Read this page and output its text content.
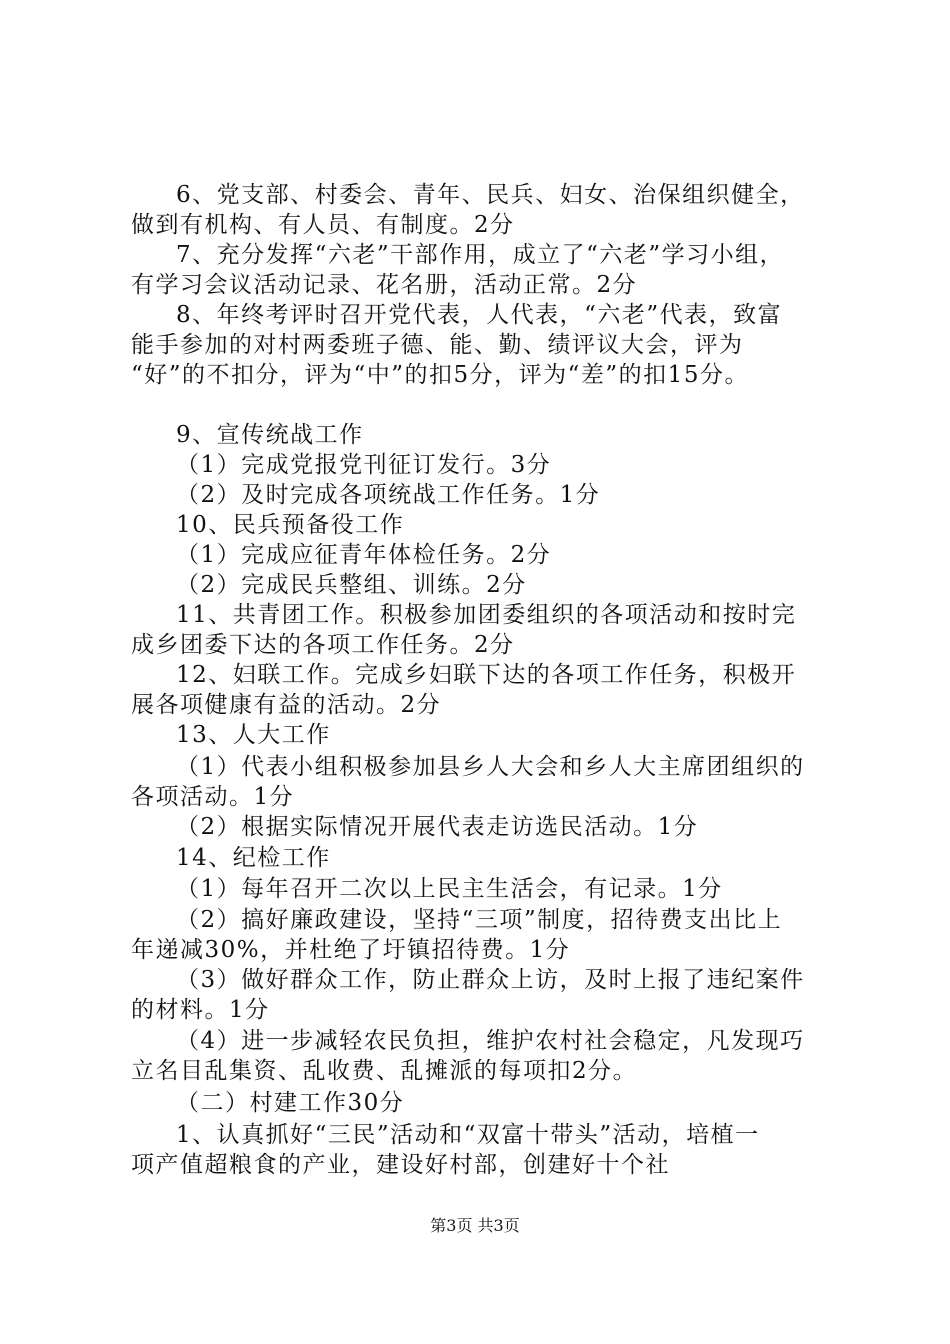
6、党支部、村委会、青年、民兵、妇女、治保组织健全，
做到有机构、有人员、有制度。2分
7、充分发挥“六老”干部作用，成立了“六老”学习小组，
有学习会议活动记录、花名册，活动正常。2分
8、年终考评时召开党代表，人代表，“六老”代表，致富
能手参加的对村两委班子德、能、勤、绩评议大会，评为
“好”的不扣分，评为“中”的扣5分，评为“差”的扣15分。
9、宣传统战工作
（1）完成党报党刊征订发行。3分
（2）及时完成各项统战工作任务。1分
10、民兵预备役工作
（1）完成应征青年体检任务。2分
（2）完成民兵整组、训练。2分
11、共青团工作。积极参加团委组织的各项活动和按时完
成乡团委下达的各项工作任务。2分
12、妇联工作。完成乡妇联下达的各项工作任务，积极开
展各项健康有益的活动。2分
13、人大工作
（1）代表小组积极参加县乡人大会和乡人大主席团组织的
各项活动。1分
（2）根据实际情况开展代表走访选民活动。1分
14、纪检工作
（1）每年召开二次以上民主生活会，有记录。1分
（2）搞好廉政建设，坚持“三项”制度，招待费支出比上
年递减30%，并杜绝了圩镇招待费。1分
（3）做好群众工作，防止群众上访，及时上报了违纪案件
的材料。1分
（4）进一步减轻农民负担，维护农村社会稳定，凡发现巧
立名目乱集资、乱收费、乱摊派的每项扣2分。
（二）村建工作30分
1、认真抓好“三民”活动和“双富十带头”活动，培植一
项产值超粮食的产业，建设好村部，创建好十个社
第3页 共3页
